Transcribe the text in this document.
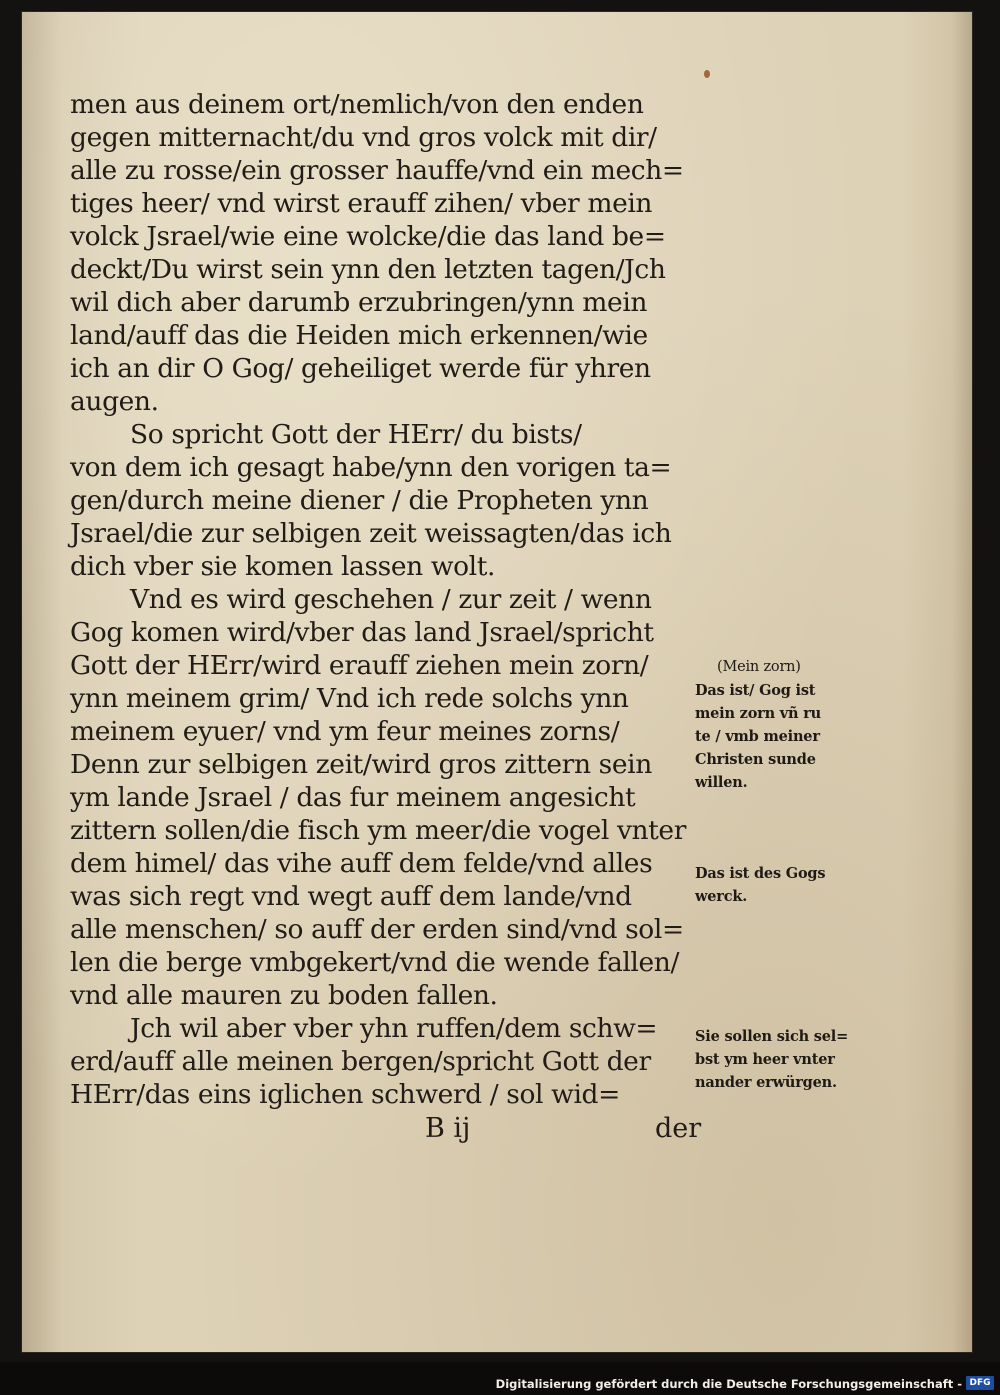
men aus deinem ort/nemlich/von den enden
gegen mitternacht/du vnd gros volck mit dir/
alle zu rosse/ein grosser hauffe/vnd ein mech=
tiges heer/ vnd wirst erauff zihen/ vber mein
volck Jsrael/wie eine wolcke/die das land be=
deckt/Du wirst sein ynn den letzten tagen/Jch
wil dich aber darumb erzubringen/ynn mein
land/auff das die Heiden mich erkennen/wie
ich an dir O Gog/ geheiliget werde für yhren
augen.
So spricht Gott der HErr/ du bists/
von dem ich gesagt habe/ynn den vorigen ta=
gen/durch meine diener / die Propheten ynn
Jsrael/die zur selbigen zeit weissagten/das ich
dich vber sie komen lassen wolt.
Vnd es wird geschehen / zur zeit / wenn
Gog komen wird/vber das land Jsrael/spricht
Gott der HErr/wird erauff ziehen mein zorn/
ynn meinem grim/ Vnd ich rede solchs ynn
meinem eyuer/ vnd ym feur meines zorns/
Denn zur selbigen zeit/wird gros zittern sein
ym lande Jsrael / das fur meinem angesicht
zittern sollen/die fisch ym meer/die vogel vnter
dem himel/ das vihe auff dem felde/vnd alles
was sich regt vnd wegt auff dem lande/vnd
alle menschen/ so auff der erden sind/vnd sol=
len die berge vmbgekert/vnd die wende fallen/
vnd alle mauren zu boden fallen.
Jch wil aber vber yhn ruffen/dem schw=
erd/auff alle meinen bergen/spricht Gott der
HErr/das eins iglichen schwerd / sol wid=
B ij	der
(Mein zorn)
Das ist/ Gog ist
mein zorn vñ ru
te / vmb meiner
Christen sunde
willen.
Das ist des Gogs
werck.
Sie sollen sich sel=
bst ym heer vnter
nander erwürgen.
Digitalisierung gefördert durch die Deutsche Forschungsgemeinschaft - DFG
